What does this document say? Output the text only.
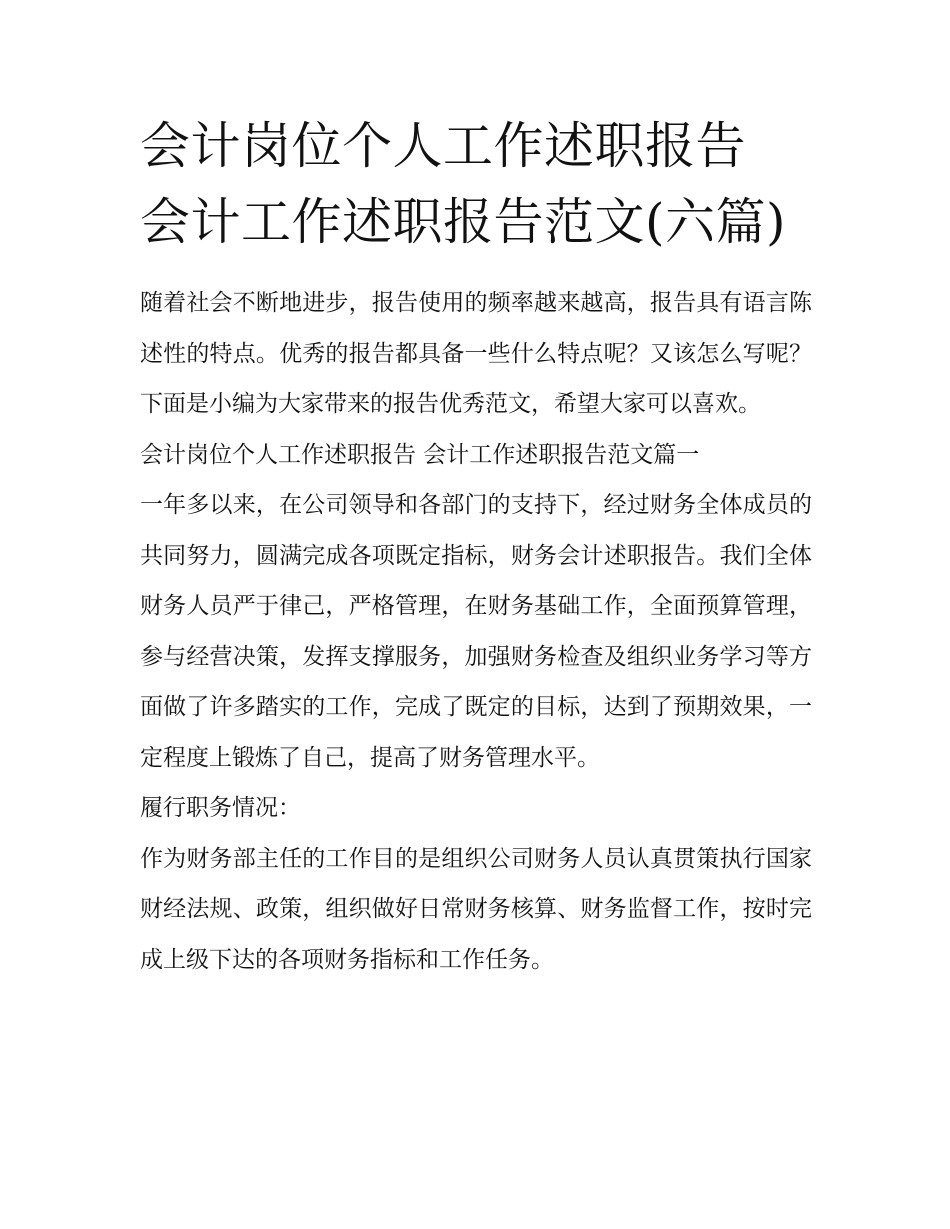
会计岗位个人工作述职报告 会计工作述职报告范文(六篇)

随着社会不断地进步，报告使用的频率越来越高，报告具有语言陈述性的特点。优秀的报告都具备一些什么特点呢？又该怎么写呢？下面是小编为大家带来的报告优秀范文，希望大家可以喜欢。

会计岗位个人工作述职报告 会计工作述职报告范文篇一

一年多以来，在公司领导和各部门的支持下，经过财务全体成员的共同努力，圆满完成各项既定指标，财务会计述职报告。我们全体财务人员严于律己，严格管理，在财务基础工作，全面预算管理，参与经营决策，发挥支撑服务，加强财务检查及组织业务学习等方面做了许多踏实的工作，完成了既定的目标，达到了预期效果，一定程度上锻炼了自己，提高了财务管理水平。

履行职务情况：

作为财务部主任的工作目的是组织公司财务人员认真贯策执行国家财经法规、政策，组织做好日常财务核算、财务监督工作，按时完成上级下达的各项财务指标和工作任务。
